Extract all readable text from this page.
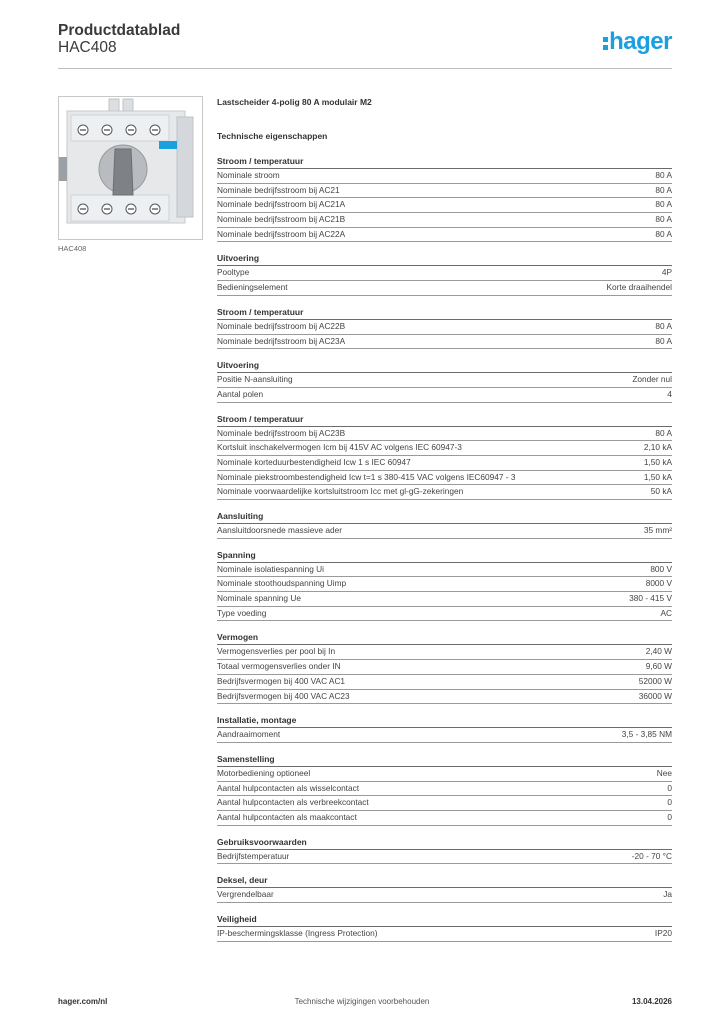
Productdatablad
HAC408	hager
HAC408
Lastscheider 4-polig 80 A modulair M2
Technische eigenschappen
Stroom / temperatuur
Nominale stroom	80 A
Nominale bedrijfsstroom bij AC21	80 A
Nominale bedrijfsstroom bij AC21A	80 A
Nominale bedrijfsstroom bij AC21B	80 A
Nominale bedrijfsstroom bij AC22A	80 A
Uitvoering
Pooltype	4P
Bedieningselement	Korte draaihendel
Stroom / temperatuur
Nominale bedrijfsstroom bij AC22B	80 A
Nominale bedrijfsstroom bij AC23A	80 A
Uitvoering
Positie N-aansluiting	Zonder nul
Aantal polen	4
Stroom / temperatuur
Nominale bedrijfsstroom bij AC23B	80 A
Kortsluit inschakelvermogen Icm bij 415V AC volgens IEC 60947-3	2,10 kA
Nominale korteduurbestendigheid Icw 1 s IEC 60947	1,50 kA
Nominale piekstroombestendigheid Icw t=1 s 380-415 VAC volgens IEC60947 - 3	1,50 kA
Nominale voorwaardelijke kortsluitstroom Icc met gl-gG-zekeringen	50 kA
Aansluiting
Aansluitdoorsnede massieve ader	35 mm²
Spanning
Nominale isolatiespanning Ui	800 V
Nominale stoothoudspanning Uimp	8000 V
Nominale spanning Ue	380 - 415 V
Type voeding	AC
Vermogen
Vermogensverlies per pool bij In	2,40 W
Totaal vermogensverlies onder IN	9,60 W
Bedrijfsvermogen bij 400 VAC AC1	52000 W
Bedrijfsvermogen bij 400 VAC AC23	36000 W
Installatie, montage
Aandraaimoment	3,5 - 3,85 NM
Samenstelling
Motorbediening optioneel	Nee
Aantal hulpcontacten als wisselcontact	0
Aantal hulpcontacten als verbreekcontact	0
Aantal hulpcontacten als maakcontact	0
Gebruiksvoorwaarden
Bedrijfstemperatuur	-20 - 70 °C
Deksel, deur
Vergrendelbaar	Ja
Veiligheid
IP-beschermingsklasse (Ingress Protection)	IP20
hager.com/nl	Technische wijzigingen voorbehouden	13.04.2026
